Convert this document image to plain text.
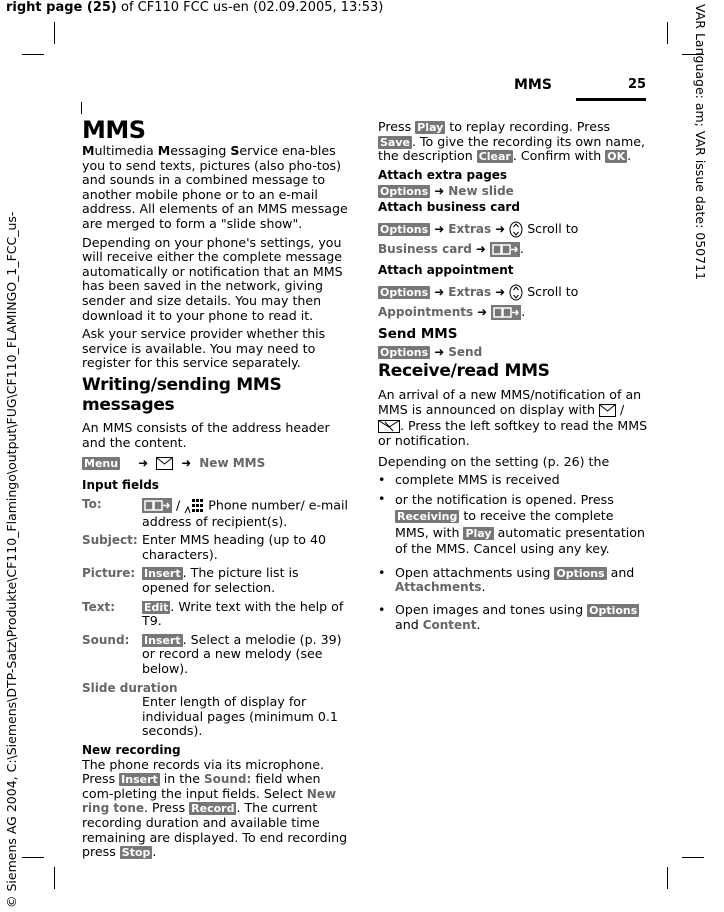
right page (25) of CF110 FCC us-en (02.09.2005, 13:53)	VAR Language: am; VAR issue date: 050711
© Siemens AG 2004, C:\Siemens\DTP-Satz\Produkte\CF110_Flamingo\output\FUG\CF110_FLAMINGO_1_FCC_us-
MMS	25
MMS

Multimedia Messaging Service ena-bles you to send texts, pictures (also pho-tos) and sounds in a combined message to another mobile phone or to an e-mail address. All elements of an MMS message are merged to form a "slide show".

Depending on your phone's settings, you will receive either the complete message automatically or notification that an MMS has been saved in the network, giving sender and size details. You may then download it to your phone to read it.

Ask your service provider whether this service is available. You may need to register for this service separately.

Writing/sending MMS messages

An MMS consists of the address header and the content.

Menu ➜	➜ New MMS

Input fields

To:	/  Phone number/ e-mail address of recipient(s).
Subject: Enter MMS heading (up to 40 characters).
Picture: Insert . The picture list is opened for selection.
Text:	Edit . Write text with the help of T9.
Sound:	Insert . Select a melodie (p. 39) or record a new melody (see below).

Slide duration

Enter length of display for individual pages (minimum 0.1 seconds).

New recording

The phone records via its microphone. Press Insert in the Sound: field when com-pleting the input fields. Select New ring tone. Press Record . The current recording duration and available time remaining are displayed. To end recording press Stop .

Press Play to replay recording. Press Save . To give the recording its own name, the description Clear . Confirm with OK .

Attach extra pages

Options ➜ New slide

Attach business card

Options ➜ Extras ➜ Scroll to

Business card ➜	.

Attach appointment

Options ➜ Extras ➜ Scroll to

Appointments ➜	.

Send MMS

Options ➜ Send

Receive/read MMS

An arrival of a new MMS/notification of an MMS is announced on display with  / . Press the left softkey to read the MMS or notification.

Depending on the setting (p. 26) the

• complete MMS is received
• or the notification is opened. Press Receiving to receive the complete MMS, with Play automatic presentation of the MMS. Cancel using any key.
• Open attachments using Options and Attachments.
• Open images and tones using Options
and Content.
